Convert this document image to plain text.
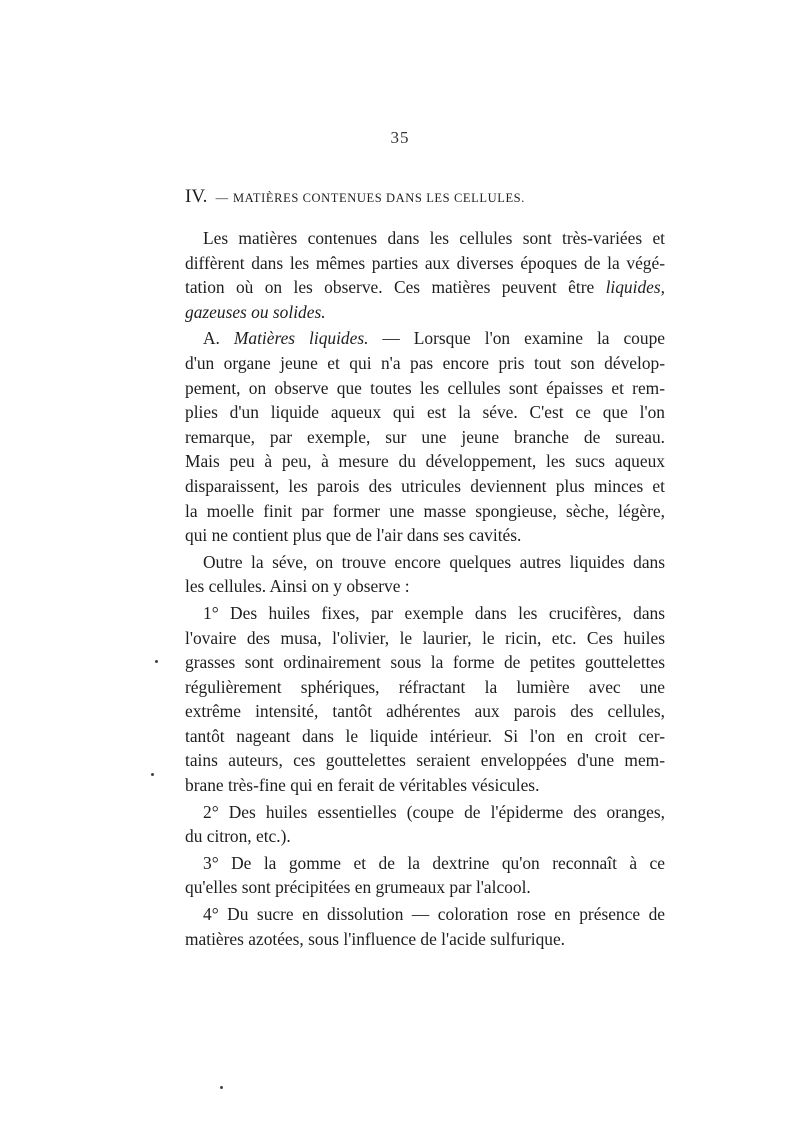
35
IV. — MATIÈRES CONTENUES DANS LES CELLULES.

Les matières contenues dans les cellules sont très-variées et

diffèrent dans les mêmes parties aux diverses époques de la végé-

tation où on les observe. Ces matières peuvent être liquides,

gazeuses ou solides.

A. Matières liquides. — Lorsque l'on examine la coupe

d'un organe jeune et qui n'a pas encore pris tout son dévelop-

pement, on observe que toutes les cellules sont épaisses et rem-

plies d'un liquide aqueux qui est la séve. C'est ce que l'on

remarque, par exemple, sur une jeune branche de sureau.

Mais peu à peu, à mesure du développement, les sucs aqueux

disparaissent, les parois des utricules deviennent plus minces et

la moelle finit par former une masse spongieuse, sèche, légère,

qui ne contient plus que de l'air dans ses cavités.

Outre la séve, on trouve encore quelques autres liquides dans

les cellules. Ainsi on y observe :

1° Des huiles fixes, par exemple dans les crucifères, dans

l'ovaire des musa, l'olivier, le laurier, le ricin, etc. Ces huiles

grasses sont ordinairement sous la forme de petites gouttelettes

régulièrement sphériques, réfractant la lumière avec une

extrême intensité, tantôt adhérentes aux parois des cellules,

tantôt nageant dans le liquide intérieur. Si l'on en croit cer-

tains auteurs, ces gouttelettes seraient enveloppées d'une mem-

brane très-fine qui en ferait de véritables vésicules.

2° Des huiles essentielles (coupe de l'épiderme des oranges,

du citron, etc.).

3° De la gomme et de la dextrine qu'on reconnaît à ce

qu'elles sont précipitées en grumeaux par l'alcool.

4° Du sucre en dissolution — coloration rose en présence de

matières azotées, sous l'influence de l'acide sulfurique.
